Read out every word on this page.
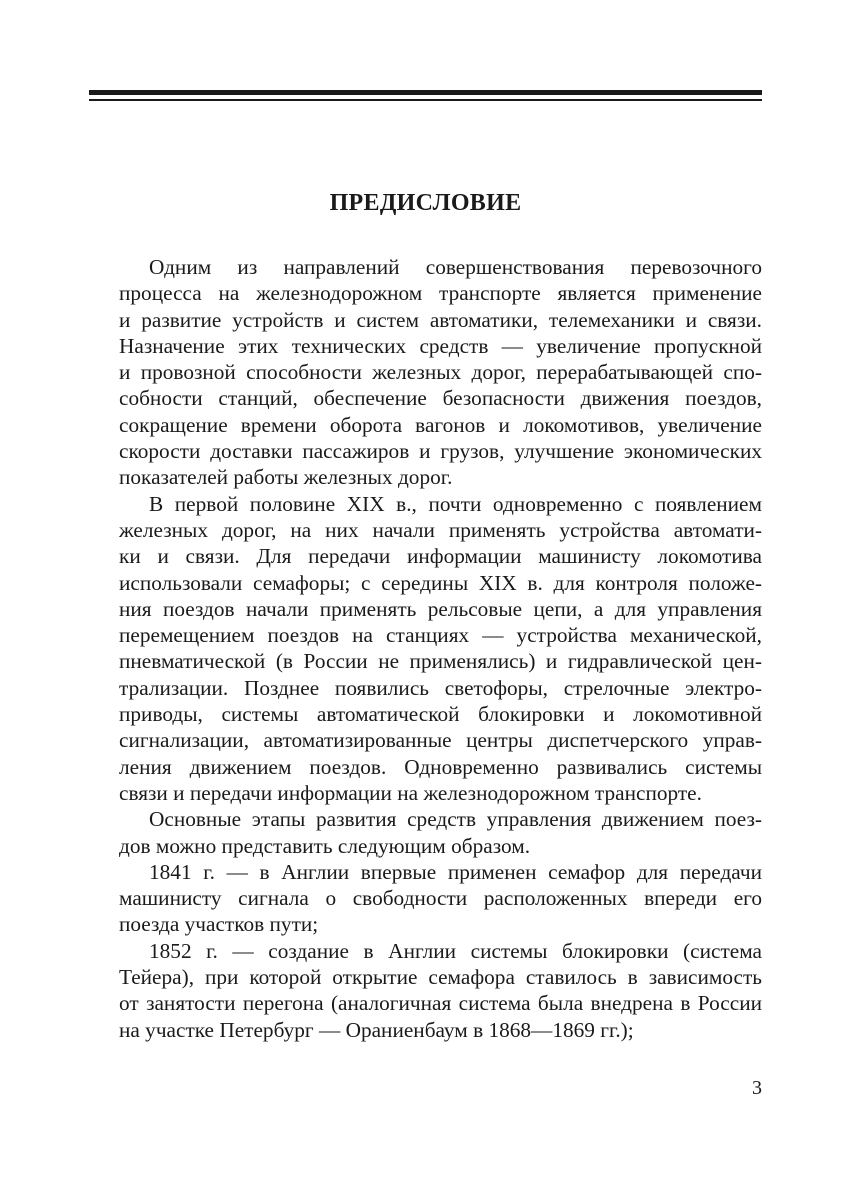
ПРЕДИСЛОВИЕ

Одним из направлений совершенствования перевозочного
процесса на железнодорожном транспорте является применение
и развитие устройств и систем автоматики, телемеханики и связи.
Назначение этих технических средств — увеличение пропускной
и провозной способности железных дорог, перерабатывающей спо-
собности станций, обеспечение безопасности движения поездов,
сокращение времени оборота вагонов и локомотивов, увеличение
скорости доставки пассажиров и грузов, улучшение экономических
показателей работы железных дорог.

В первой половине XIX в., почти одновременно с появлением
железных дорог, на них начали применять устройства автомати-
ки и связи. Для передачи информации машинисту локомотива
использовали семафоры; с середины XIX в. для контроля положе-
ния поездов начали применять рельсовые цепи, а для управления
перемещением поездов на станциях — устройства механической,
пневматической (в России не применялись) и гидравлической цен-
трализации. Позднее появились светофоры, стрелочные электро-
приводы, системы автоматической блокировки и локомотивной
сигнализации, автоматизированные центры диспетчерского управ-
ления движением поездов. Одновременно развивались системы
связи и передачи информации на железнодорожном транспорте.

Основные этапы развития средств управления движением поез-
дов можно представить следующим образом.

1841 г. — в Англии впервые применен семафор для передачи
машинисту сигнала о свободности расположенных впереди его
поезда участков пути;

1852 г. — создание в Англии системы блокировки (система
Тейера), при которой открытие семафора ставилось в зависимость
от занятости перегона (аналогичная система была внедрена в России
на участке Петербург — Ораниенбаум в 1868—1869 гг.);

3
